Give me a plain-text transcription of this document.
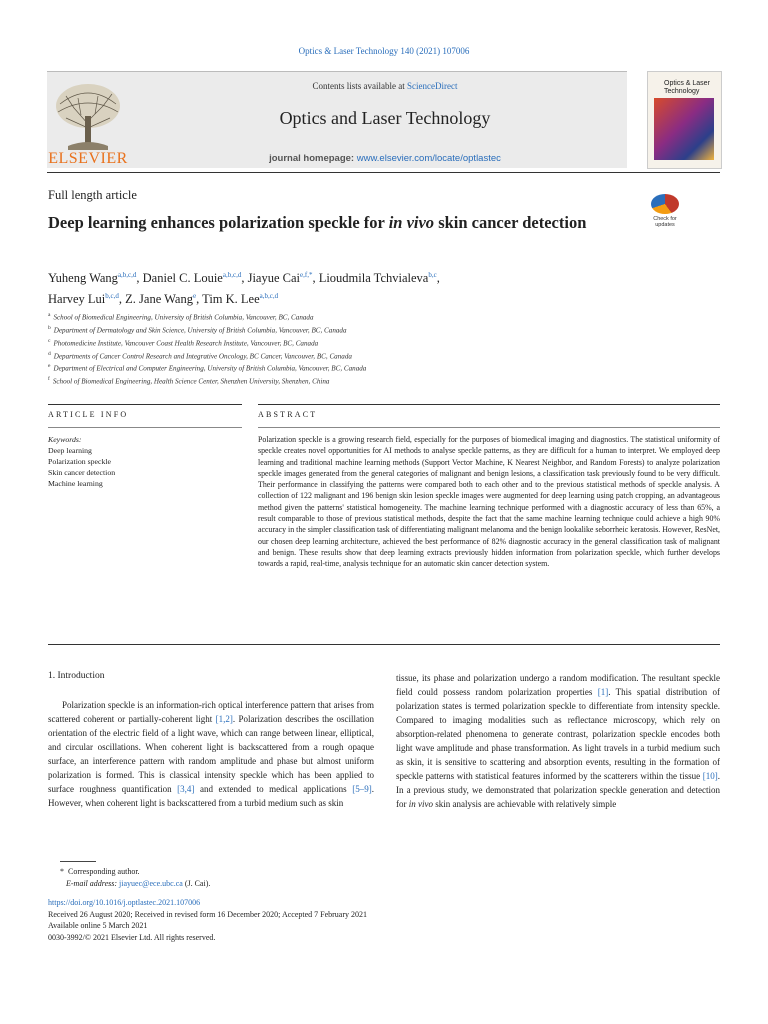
Optics & Laser Technology 140 (2021) 107006
ELSEVIER
Contents lists available at ScienceDirect
Optics and Laser Technology
journal homepage: www.elsevier.com/locate/optlastec
Optics & Laser Technology
Full length article
Deep learning enhances polarization speckle for in vivo skin cancer detection	Check for updates
Yuheng Wang$^{a,b,c,d}$, Daniel C. Louie$^{a,b,c,d}$, Jiayue Cai$^{e,f,*}$, Lioudmila Tchvialeva$^{b,c}$,
Harvey Lui$^{b,c,d}$, Z. Jane Wang$^e$, Tim K. Lee$^{a,b,c,d}$
$^a$ School of Biomedical Engineering, University of British Columbia, Vancouver, BC, Canada
$^b$ Department of Dermatology and Skin Science, University of British Columbia, Vancouver, BC, Canada
$^c$ Photomedicine Institute, Vancouver Coast Health Research Institute, Vancouver, BC, Canada
$^d$ Departments of Cancer Control Research and Integrative Oncology, BC Cancer, Vancouver, BC, Canada
$^e$ Department of Electrical and Computer Engineering, University of British Columbia, Vancouver, BC, Canada
$^f$ School of Biomedical Engineering, Health Science Center, Shenzhen University, Shenzhen, China
ARTICLE INFO	ABSTRACT
Keywords:
Deep learning
Polarization speckle
Skin cancer detection
Machine learning
Polarization speckle is a growing research field, especially for the purposes of biomedical imaging and diagnostics. The statistical uniformity of speckle creates novel opportunities for AI methods to analyse speckle patterns, as they are difficult for a human to interpret. We employed deep learning and traditional machine learning methods (Support Vector Machine, K Nearest Neighbor, and Random Forests) to analyze polarization speckle images generated from the general categories of malignant and benign lesions, a classification task previously found to be very difficult. Their performance in classifying the patterns were compared both to each other and to the previous statistical methods of speckle analysis. A collection of 122 malignant and 196 benign skin lesion speckle images were augmented for deep learning using patch cropping, an advantageous method given the patterns' statistical homogeneity. The machine learning technique performed with a diagnostic accuracy of less than 65%, a result comparable to those of previous statistical methods, despite the fact that the same machine learning technique could achieve a high 90% accuracy in the simpler classification task of differentiating malignant melanoma and the benign lookalike seborrheic keratosis. However, ResNet, our chosen deep learning architecture, achieved the best performance of 82% diagnostic accuracy in the general classification task of malignant and benign. These results show that deep learning extracts previously hidden information from polarization speckle, which further develops towards a rapid, real-time, analysis technique for an automatic skin cancer detection system.
1. Introduction
Polarization speckle is an information-rich optical interference pattern that arises from scattered coherent or partially-coherent light [1,2]. Polarization describes the oscillation orientation of the electric field of a light wave, which can range between linear, elliptical, and circular oscillations. When coherent light is backscattered from a rough opaque surface, an interference pattern with random amplitude and phase but almost uniform polarization is formed. This is classical intensity speckle which has been applied to surface roughness quantification [3,4] and extended to medical applications [5–9]. However, when coherent light is backscattered from a turbid medium such as skin
tissue, its phase and polarization undergo a random modification. The resultant speckle field could possess random polarization properties [1]. This spatial distribution of polarization states is termed polarization speckle to differentiate from intensity speckle. Compared to imaging modalities such as reflectance microscopy, which rely on absorption-related phenomena to generate contrast, polarization speckle encodes both light wave amplitude and phase transformation. As light travels in a turbid medium such as skin, it is sensitive to scattering and absorption events, resulting in the formation of speckle patterns with statistical features informed by the scatterers within the tissue [10]. In a previous study, we demonstrated that polarization speckle generation and detection for in vivo skin analysis are achievable with relatively simple
* Corresponding author.
E-mail address: jiayuec@ece.ubc.ca (J. Cai).
https://doi.org/10.1016/j.optlastec.2021.107006
Received 26 August 2020; Received in revised form 16 December 2020; Accepted 7 February 2021
Available online 5 March 2021
0030-3992/© 2021 Elsevier Ltd. All rights reserved.
